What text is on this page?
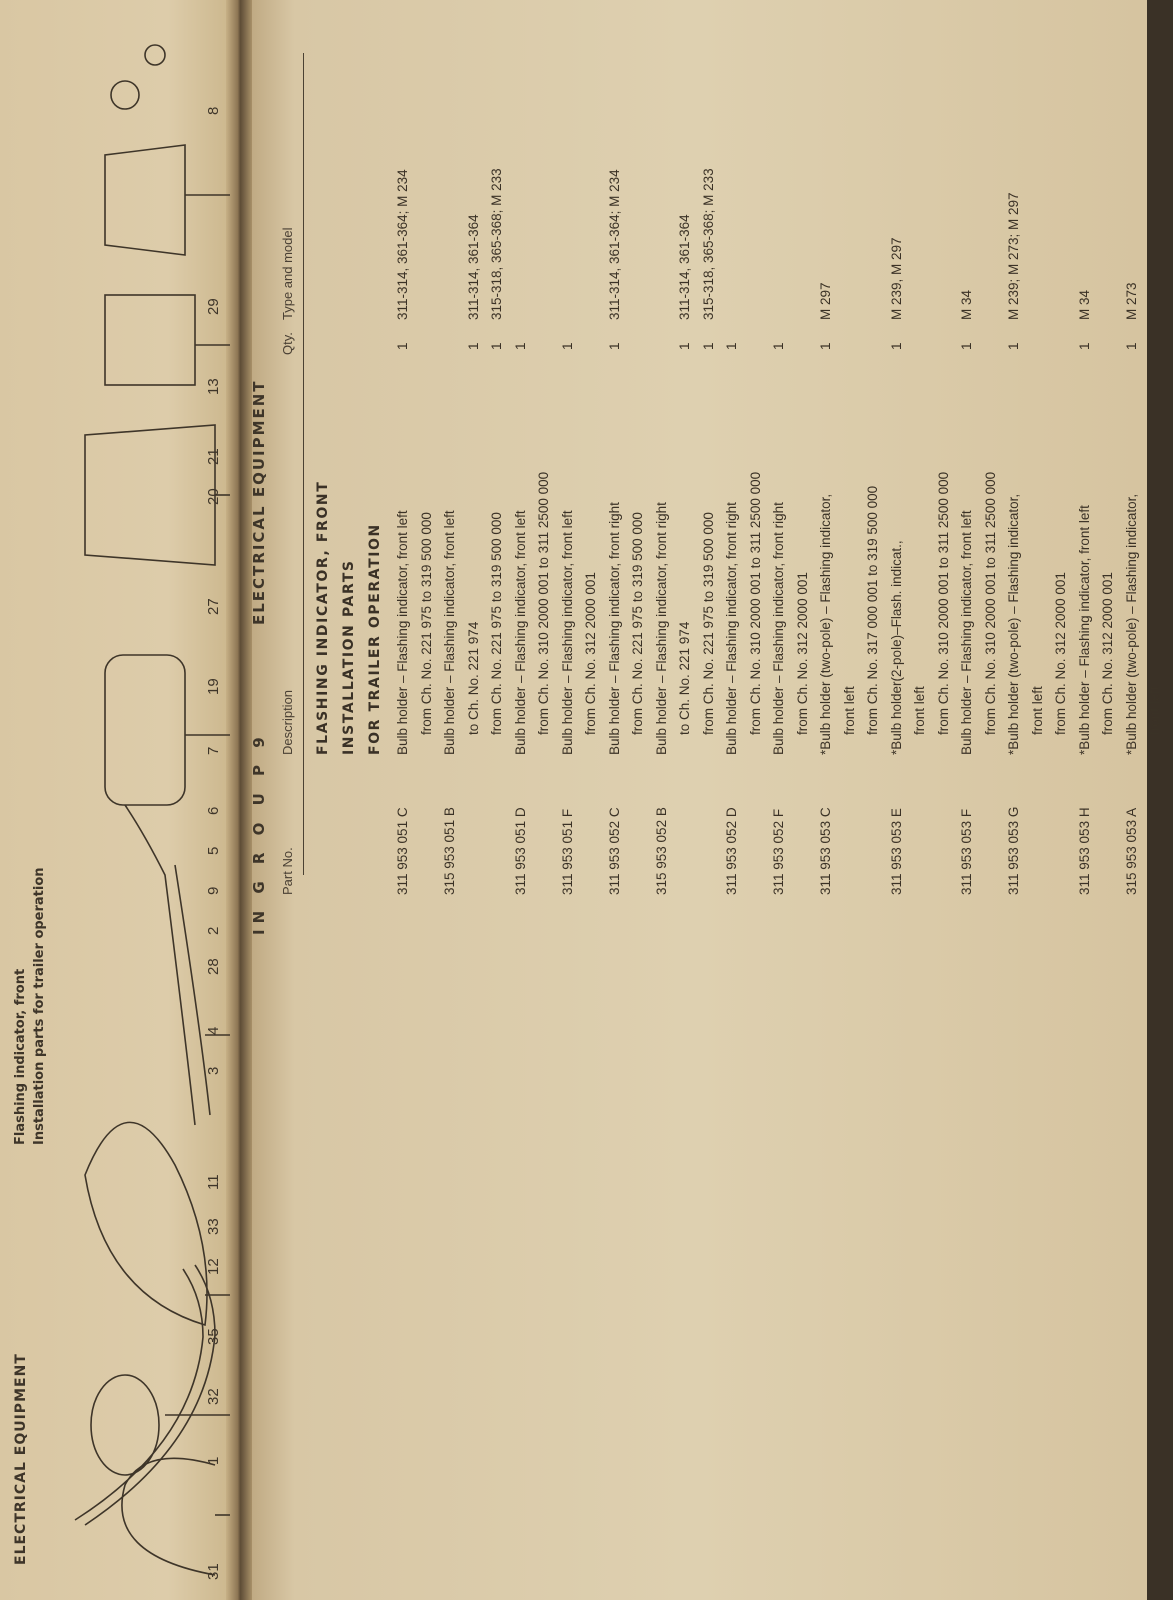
ELECTRICAL EQUIPMENT
Flashing indicator, front Installation parts for trailer operation
31
1
32
35
12
33
11
3
4
28
2
9
5
6
7
19
27
20
21
13
29
8
IN G R O U P 9
ELECTRICAL EQUIPMENT
Part No.
Description
Qty.
Type and model
FLASHING INDICATOR, FRONT INSTALLATION PARTS FOR TRAILER OPERATION
311 953 051 C
Bulb holder – Flashing indicator, front left
1
311-314, 361-364; M 234
from Ch. No. 221 975 to 319 500 000
315 953 051 B
Bulb holder – Flashing indicator, front left to Ch. No. 221 974
1
311-314, 361-364
from Ch. No. 221 975 to 319 500 000
1
315-318, 365-368; M 233
311 953 051 D
Bulb holder – Flashing indicator, front left
1
from Ch. No. 310 2000 001 to 311 2500 000
311 953 051 F
Bulb holder – Flashing indicator, front left
1
from Ch. No. 312 2000 001
311 953 052 C
Bulb holder – Flashing indicator, front right
1
311-314, 361-364; M 234
from Ch. No. 221 975 to 319 500 000
315 953 052 B
Bulb holder – Flashing indicator, front right to Ch. No. 221 974
1
311-314, 361-364
from Ch. No. 221 975 to 319 500 000
1
315-318, 365-368; M 233
311 953 052 D
Bulb holder – Flashing indicator, front right
1
from Ch. No. 310 2000 001 to 311 2500 000
311 953 052 F
Bulb holder – Flashing indicator, front right
1
from Ch. No. 312 2000 001
311 953 053 C
*Bulb holder (two-pole) – Flashing indicator,
1
M 297
front left from Ch. No. 317 000 001 to 319 500 000
311 953 053 E
*Bulb holder(2-pole)–Flash. indicat.,
1
M 239, M 297
front left from Ch. No. 310 2000 001 to 311 2500 000
311 953 053 F
Bulb holder – Flashing indicator, front left
1
M 34
from Ch. No. 310 2000 001 to 311 2500 000
311 953 053 G
*Bulb holder (two-pole) – Flashing indicator,
1
M 239; M 273; M 297
front left from Ch. No. 312 2000 001
311 953 053 H
*Bulb holder – Flashing indicator, front left
1
M 34
from Ch. No. 312 2000 001
315 953 053 A
*Bulb holder (two-pole) – Flashing indicator,
1
M 273
front left
